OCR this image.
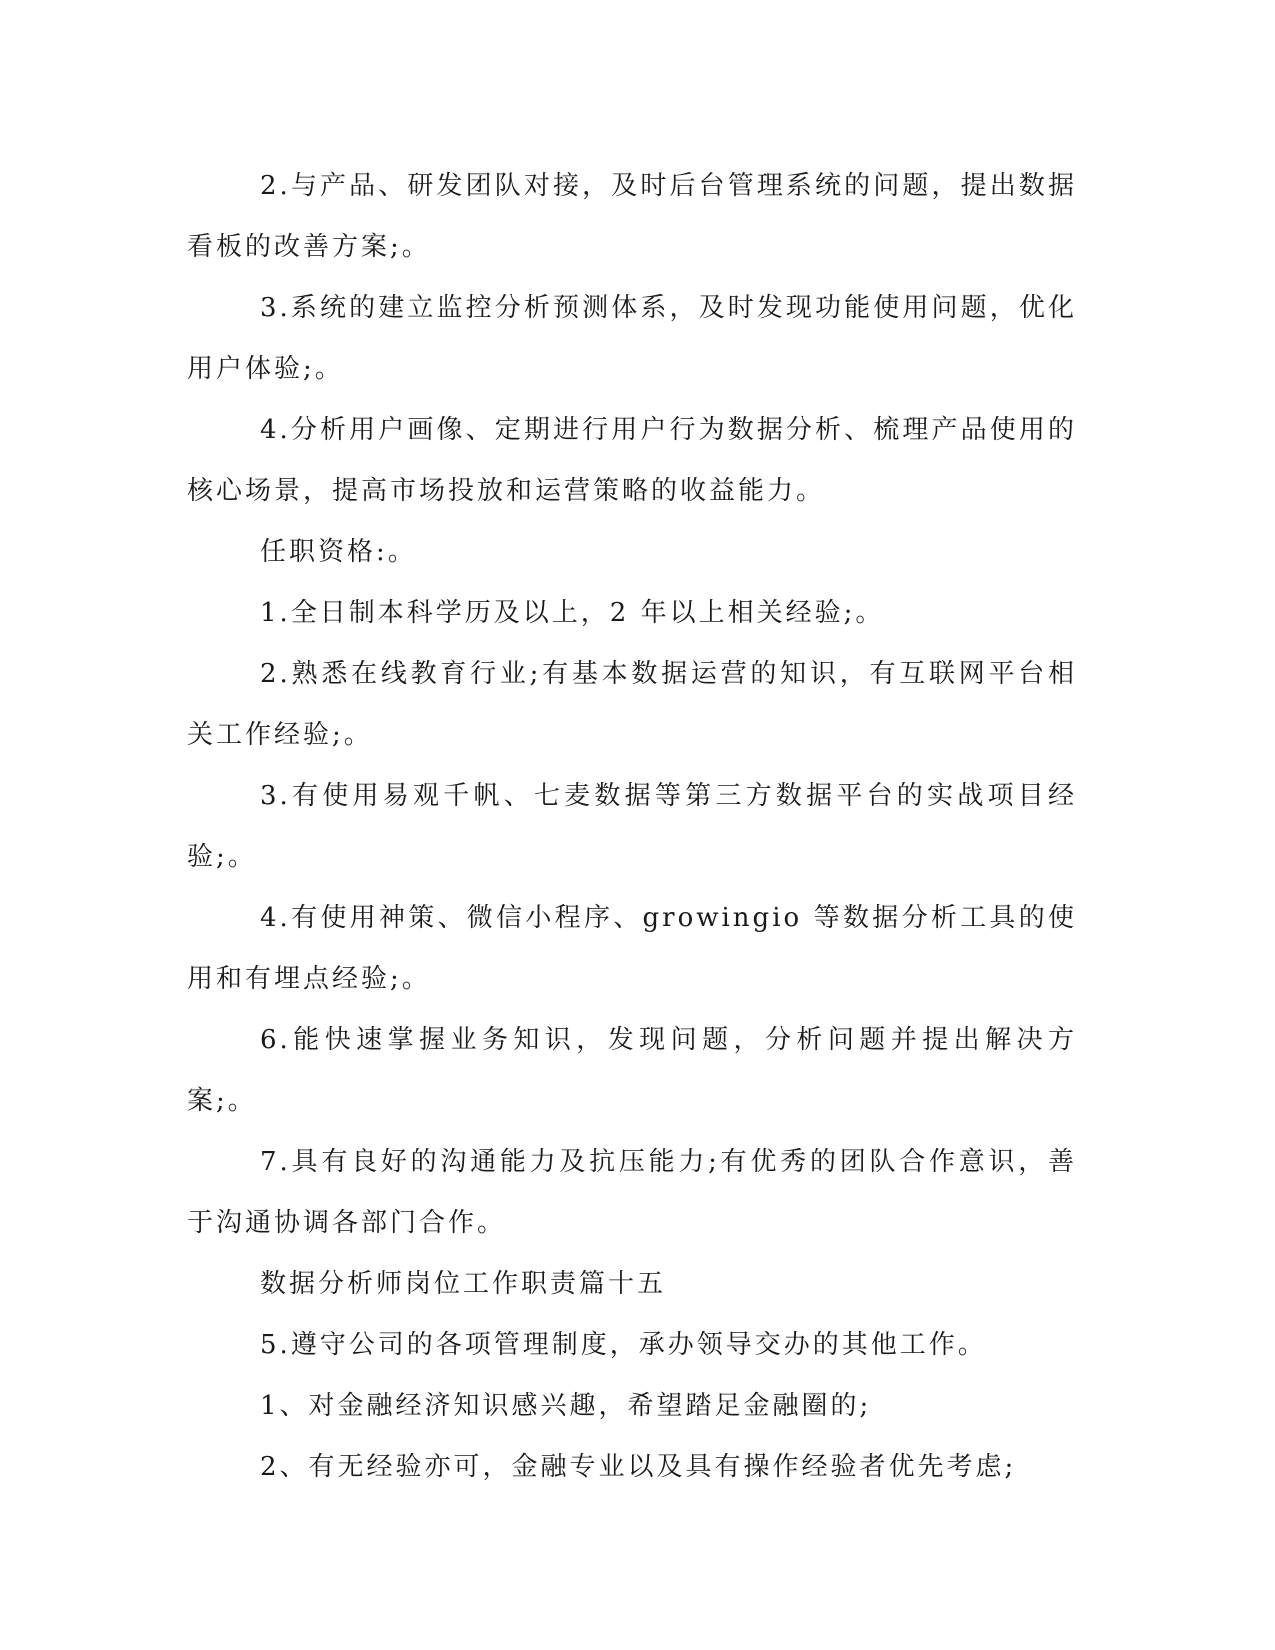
2.与产品、研发团队对接，及时后台管理系统的问题，提出数据看板的改善方案;。

3.系统的建立监控分析预测体系，及时发现功能使用问题，优化用户体验;。

4.分析用户画像、定期进行用户行为数据分析、梳理产品使用的核心场景，提高市场投放和运营策略的收益能力。

任职资格:。

1.全日制本科学历及以上，2 年以上相关经验;。

2.熟悉在线教育行业;有基本数据运营的知识，有互联网平台相关工作经验;。

3.有使用易观千帆、七麦数据等第三方数据平台的实战项目经验;。

4.有使用神策、微信小程序、growingio 等数据分析工具的使用和有埋点经验;。

6.能快速掌握业务知识，发现问题，分析问题并提出解决方案;。

7.具有良好的沟通能力及抗压能力;有优秀的团队合作意识，善于沟通协调各部门合作。

数据分析师岗位工作职责篇十五

5.遵守公司的各项管理制度，承办领导交办的其他工作。

1、对金融经济知识感兴趣，希望踏足金融圈的;

2、有无经验亦可，金融专业以及具有操作经验者优先考虑;
